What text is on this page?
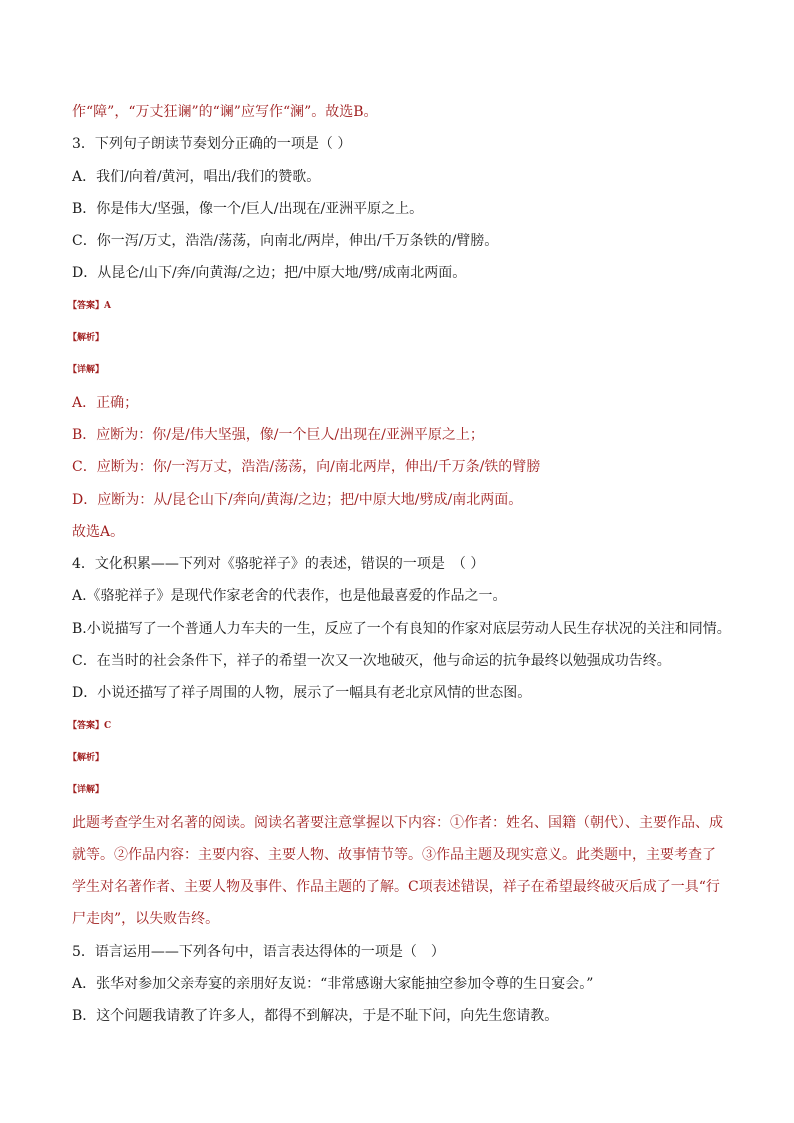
作“障”，“万丈狂谰”的“谰”应写作“澜”。故选B。
3．下列句子朗读节奏划分正确的一项是（ ）
A．我们/向着/黄河，唱出/我们的赞歌。
B．你是伟大/坚强，像一个/巨人/出现在/亚洲平原之上。
C．你一泻/万丈，浩浩/荡荡，向南北/两岸，伸出/千万条铁的/臂膀。
D．从昆仑/山下/奔/向黄海/之边；把/中原大地/劈/成南北两面。
【答案】A
【解析】
【详解】
A．正确；
B．应断为：你/是/伟大坚强，像/一个巨人/出现在/亚洲平原之上；
C．应断为：你/一泻万丈，浩浩/荡荡，向/南北两岸，伸出/千万条/铁的臂膀
D．应断为：从/昆仑山下/奔向/黄海/之边；把/中原大地/劈成/南北两面。
故选A。
4．文化积累——下列对《骆驼祥子》的表述，错误的一项是　（ ）
A.《骆驼祥子》是现代作家老舍的代表作，也是他最喜爱的作品之一。
B.小说描写了一个普通人力车夫的一生，反应了一个有良知的作家对底层劳动人民生存状况的关注和同情。
C．在当时的社会条件下，祥子的希望一次又一次地破灭，他与命运的抗争最终以勉强成功告终。
D．小说还描写了祥子周围的人物，展示了一幅具有老北京风情的世态图。
【答案】C
【解析】
【详解】
此题考查学生对名著的阅读。阅读名著要注意掌握以下内容：①作者：姓名、国籍（朝代）、主要作品、成
就等。②作品内容：主要内容、主要人物、故事情节等。③作品主题及现实意义。此类题中，主要考查了
学生对名著作者、主要人物及事件、作品主题的了解。C项表述错误，祥子在希望最终破灭后成了一具“行
尸走肉”，以失败告终。
5．语言运用——下列各句中，语言表达得体的一项是（　）
A．张华对参加父亲寿宴的亲朋好友说：“非常感谢大家能抽空参加令尊的生日宴会。”
B．这个问题我请教了许多人，都得不到解决，于是不耻下问，向先生您请教。
